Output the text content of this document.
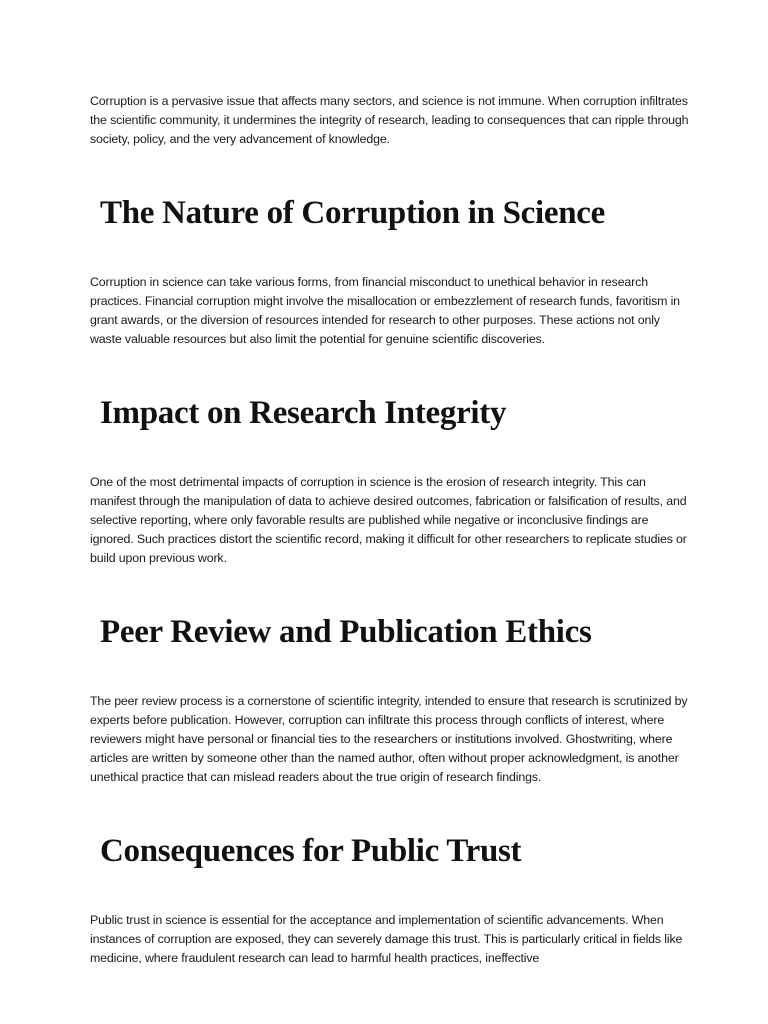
Corruption is a pervasive issue that affects many sectors, and science is not immune. When corruption infiltrates the scientific community, it undermines the integrity of research, leading to consequences that can ripple through society, policy, and the very advancement of knowledge.

The Nature of Corruption in Science

Corruption in science can take various forms, from financial misconduct to unethical behavior in research practices. Financial corruption might involve the misallocation or embezzlement of research funds, favoritism in grant awards, or the diversion of resources intended for research to other purposes. These actions not only waste valuable resources but also limit the potential for genuine scientific discoveries.

Impact on Research Integrity

One of the most detrimental impacts of corruption in science is the erosion of research integrity. This can manifest through the manipulation of data to achieve desired outcomes, fabrication or falsification of results, and selective reporting, where only favorable results are published while negative or inconclusive findings are ignored. Such practices distort the scientific record, making it difficult for other researchers to replicate studies or build upon previous work.

Peer Review and Publication Ethics

The peer review process is a cornerstone of scientific integrity, intended to ensure that research is scrutinized by experts before publication. However, corruption can infiltrate this process through conflicts of interest, where reviewers might have personal or financial ties to the researchers or institutions involved. Ghostwriting, where articles are written by someone other than the named author, often without proper acknowledgment, is another unethical practice that can mislead readers about the true origin of research findings.

Consequences for Public Trust

Public trust in science is essential for the acceptance and implementation of scientific advancements. When instances of corruption are exposed, they can severely damage this trust. This is particularly critical in fields like medicine, where fraudulent research can lead to harmful health practices, ineffective
